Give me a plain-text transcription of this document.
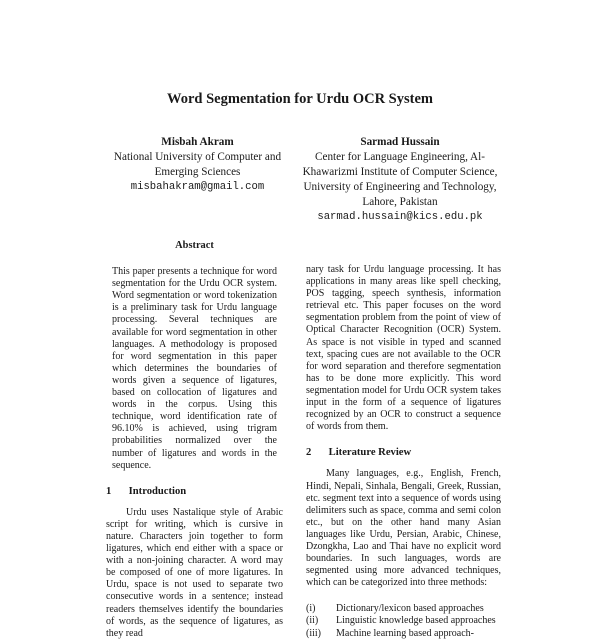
Word Segmentation for Urdu OCR System
Misbah Akram
National University of Computer and Emerging Sciences
misbahakram@gmail.com
Sarmad Hussain
Center for Language Engineering, Al-Khawarizmi Institute of Computer Science, University of Engineering and Technology, Lahore, Pakistan
sarmad.hussain@kics.edu.pk
Abstract

This paper presents a technique for word segmentation for the Urdu OCR system. Word segmentation or word tokenization is a preliminary task for Urdu language processing. Several techniques are available for word segmentation in other languages. A methodology is proposed for word segmentation in this paper which determines the boundaries of words given a sequence of ligatures, based on collocation of ligatures and words in the corpus. Using this technique, word identification rate of 96.10% is achieved, using trigram probabilities normalized over the number of ligatures and words in the sequence.

1 Introduction

Urdu uses Nastalique style of Arabic script for writing, which is cursive in nature. Characters join together to form ligatures, which end either with a space or with a non-joining character. A word may be composed of one of more ligatures. In Urdu, space is not used to separate two consecutive words in a sentence; instead readers themselves identify the boundaries of words, as the sequence of ligatures, as they read

nary task for Urdu language processing. It has applications in many areas like spell checking, POS tagging, speech synthesis, information retrieval etc. This paper focuses on the word segmentation problem from the point of view of Optical Character Recognition (OCR) System. As space is not visible in typed and scanned text, spacing cues are not available to the OCR for word separation and therefore segmentation has to be done more explicitly. This word segmentation model for Urdu OCR system takes input in the form of a sequence of ligatures recognized by an OCR to construct a sequence of words from them.

2 Literature Review

Many languages, e.g., English, French, Hindi, Nepali, Sinhala, Bengali, Greek, Russian, etc. segment text into a sequence of words using delimiters such as space, comma and semi colon etc., but on the other hand many Asian languages like Urdu, Persian, Arabic, Chinese, Dzongkha, Lao and Thai have no explicit word boundaries. In such languages, words are segmented using more advanced techniques, which can be categorized into three methods:

(i)	Dictionary/lexicon based approaches
(ii)	Linguistic knowledge based approaches
(iii)	Machine learning based approach-
